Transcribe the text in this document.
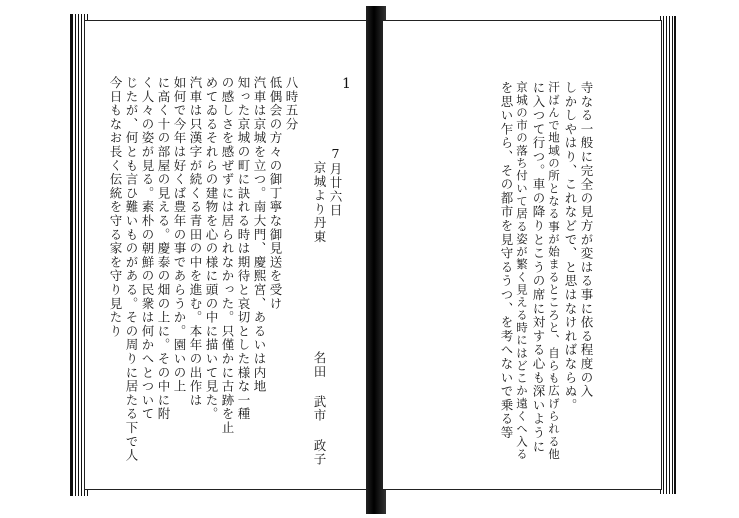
1
7月廿六日
京城より丹東
名田 武市 政子
八時五分
低偶会の方々の御丁寧な御見送を受け
汽車は京城を立つ。南大門、慶熙宮、あるいは内地
知った京城の町に訣れる時は期待と哀切とした様な一種
の感しさを感ぜずには居られなかった。只僅かに古跡を止
めてゐるそれらの建物を心の様に頭の中に描いて見た。
汽車は只漢字が続くる青田の中を進む。本年の出作は
如何で今年は好くば豊年の事であらうか。園いの上
に高く十の部屋の見える。慶泰の畑の上に。その中に附
く人々の姿が見る。素朴の朝鮮の民衆は何かへとついて
じたが、何とも言ひ難いものがある。その周りに居たる下で人
今日もなお長く伝統を守る家を守り見たり	寺なる一般に完全の見方が変はる事に依る程度の入
しかしやはり、これなどで、と思はなければならぬ。
汗ばんで地域の所となる事が始まるところと、自らも広げられる他
に入つて行つ。車の降りとこうの席に対する心も深いように
京城の市の落ち付いて居る姿が繁く見える時にはどこか遠くへ入る
を思い乍ら、その都市を見守るうつ、を考へないで乗る等
